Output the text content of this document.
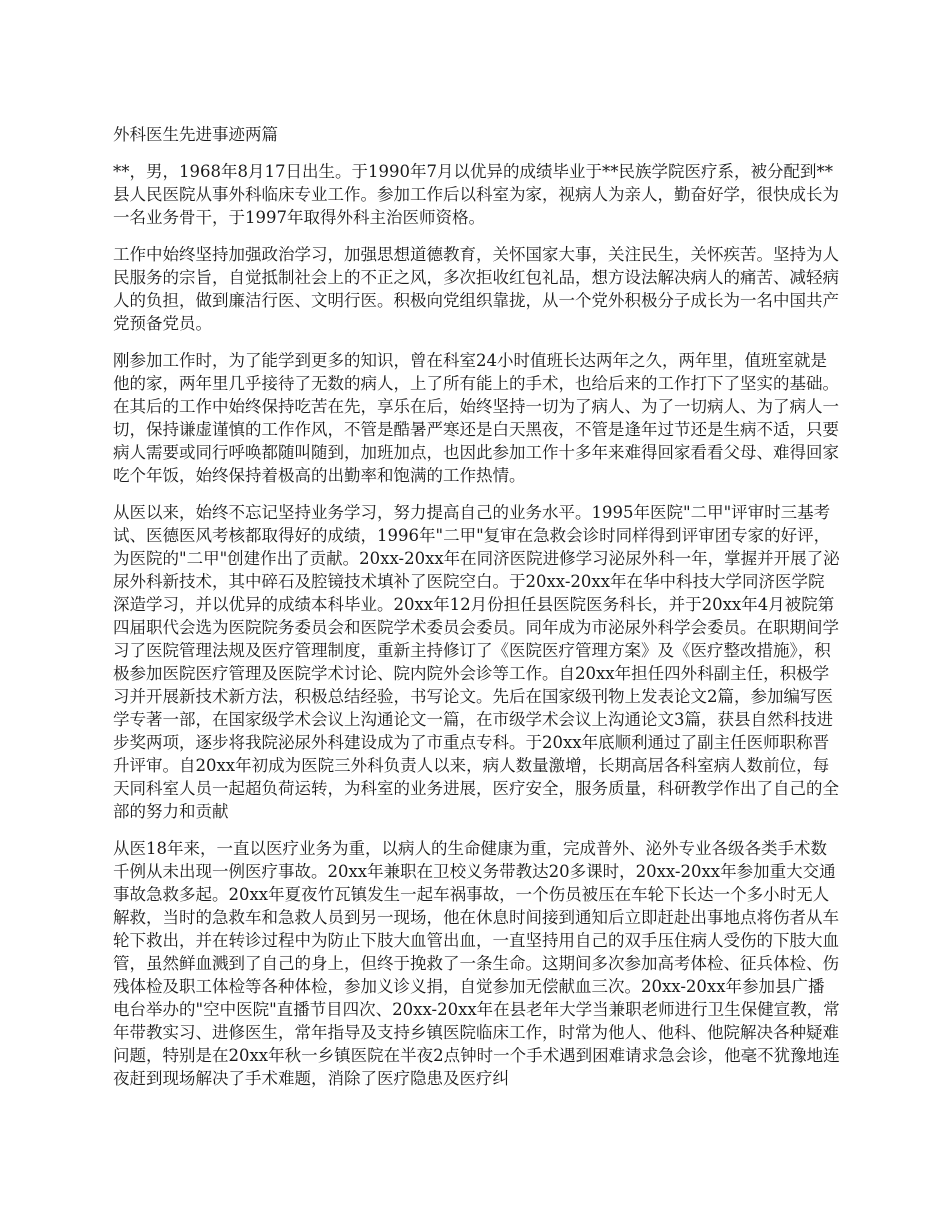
外科医生先进事迹两篇

**，男，1968年8月17日出生。于1990年7月以优异的成绩毕业于**民族学院医疗系，被分配到**县人民医院从事外科临床专业工作。参加工作后以科室为家，视病人为亲人，勤奋好学，很快成长为一名业务骨干，于1997年取得外科主治医师资格。

工作中始终坚持加强政治学习，加强思想道德教育，关怀国家大事，关注民生，关怀疾苦。坚持为人民服务的宗旨，自觉抵制社会上的不正之风，多次拒收红包礼品，想方设法解决病人的痛苦、减轻病人的负担，做到廉洁行医、文明行医。积极向党组织靠拢，从一个党外积极分子成长为一名中国共产党预备党员。

刚参加工作时，为了能学到更多的知识，曾在科室24小时值班长达两年之久，两年里，值班室就是他的家，两年里几乎接待了无数的病人，上了所有能上的手术，也给后来的工作打下了坚实的基础。在其后的工作中始终保持吃苦在先，享乐在后，始终坚持一切为了病人、为了一切病人、为了病人一切，保持谦虚谨慎的工作作风，不管是酷暑严寒还是白天黑夜，不管是逢年过节还是生病不适，只要病人需要或同行呼唤都随叫随到，加班加点，也因此参加工作十多年来难得回家看看父母、难得回家吃个年饭，始终保持着极高的出勤率和饱满的工作热情。

从医以来，始终不忘记坚持业务学习，努力提高自己的业务水平。1995年医院"二甲"评审时三基考试、医德医风考核都取得好的成绩，1996年"二甲"复审在急救会诊时同样得到评审团专家的好评，为医院的"二甲"创建作出了贡献。20xx-20xx年在同济医院进修学习泌尿外科一年，掌握并开展了泌尿外科新技术，其中碎石及腔镜技术填补了医院空白。于20xx-20xx年在华中科技大学同济医学院深造学习，并以优异的成绩本科毕业。20xx年12月份担任县医院医务科长，并于20xx年4月被院第四届职代会选为医院院务委员会和医院学术委员会委员。同年成为市泌尿外科学会委员。在职期间学习了医院管理法规及医疗管理制度，重新主持修订了《医院医疗管理方案》及《医疗整改措施》，积极参加医院医疗管理及医院学术讨论、院内院外会诊等工作。自20xx年担任四外科副主任，积极学习并开展新技术新方法，积极总结经验，书写论文。先后在国家级刊物上发表论文2篇，参加编写医学专著一部，在国家级学术会议上沟通论文一篇，在市级学术会议上沟通论文3篇，获县自然科技进步奖两项，逐步将我院泌尿外科建设成为了市重点专科。于20xx年底顺利通过了副主任医师职称晋升评审。自20xx年初成为医院三外科负责人以来，病人数量激增，长期高居各科室病人数前位，每天同科室人员一起超负荷运转，为科室的业务进展，医疗安全，服务质量，科研教学作出了自己的全部的努力和贡献

从医18年来，一直以医疗业务为重，以病人的生命健康为重，完成普外、泌外专业各级各类手术数千例从未出现一例医疗事故。20xx年兼职在卫校义务带教达20多课时，20xx-20xx年参加重大交通事故急救多起。20xx年夏夜竹瓦镇发生一起车祸事故，一个伤员被压在车轮下长达一个多小时无人解救，当时的急救车和急救人员到另一现场，他在休息时间接到通知后立即赶赴出事地点将伤者从车轮下救出，并在转诊过程中为防止下肢大血管出血，一直坚持用自己的双手压住病人受伤的下肢大血管，虽然鲜血溅到了自己的身上，但终于挽救了一条生命。这期间多次参加高考体检、征兵体检、伤残体检及职工体检等各种体检，参加义诊义捐，自觉参加无偿献血三次。20xx-20xx年参加县广播电台举办的"空中医院"直播节目四次、20xx-20xx年在县老年大学当兼职老师进行卫生保健宣教，常年带教实习、进修医生，常年指导及支持乡镇医院临床工作，时常为他人、他科、他院解决各种疑难问题，特别是在20xx年秋一乡镇医院在半夜2点钟时一个手术遇到困难请求急会诊，他毫不犹豫地连夜赶到现场解决了手术难题，消除了医疗隐患及医疗纠
